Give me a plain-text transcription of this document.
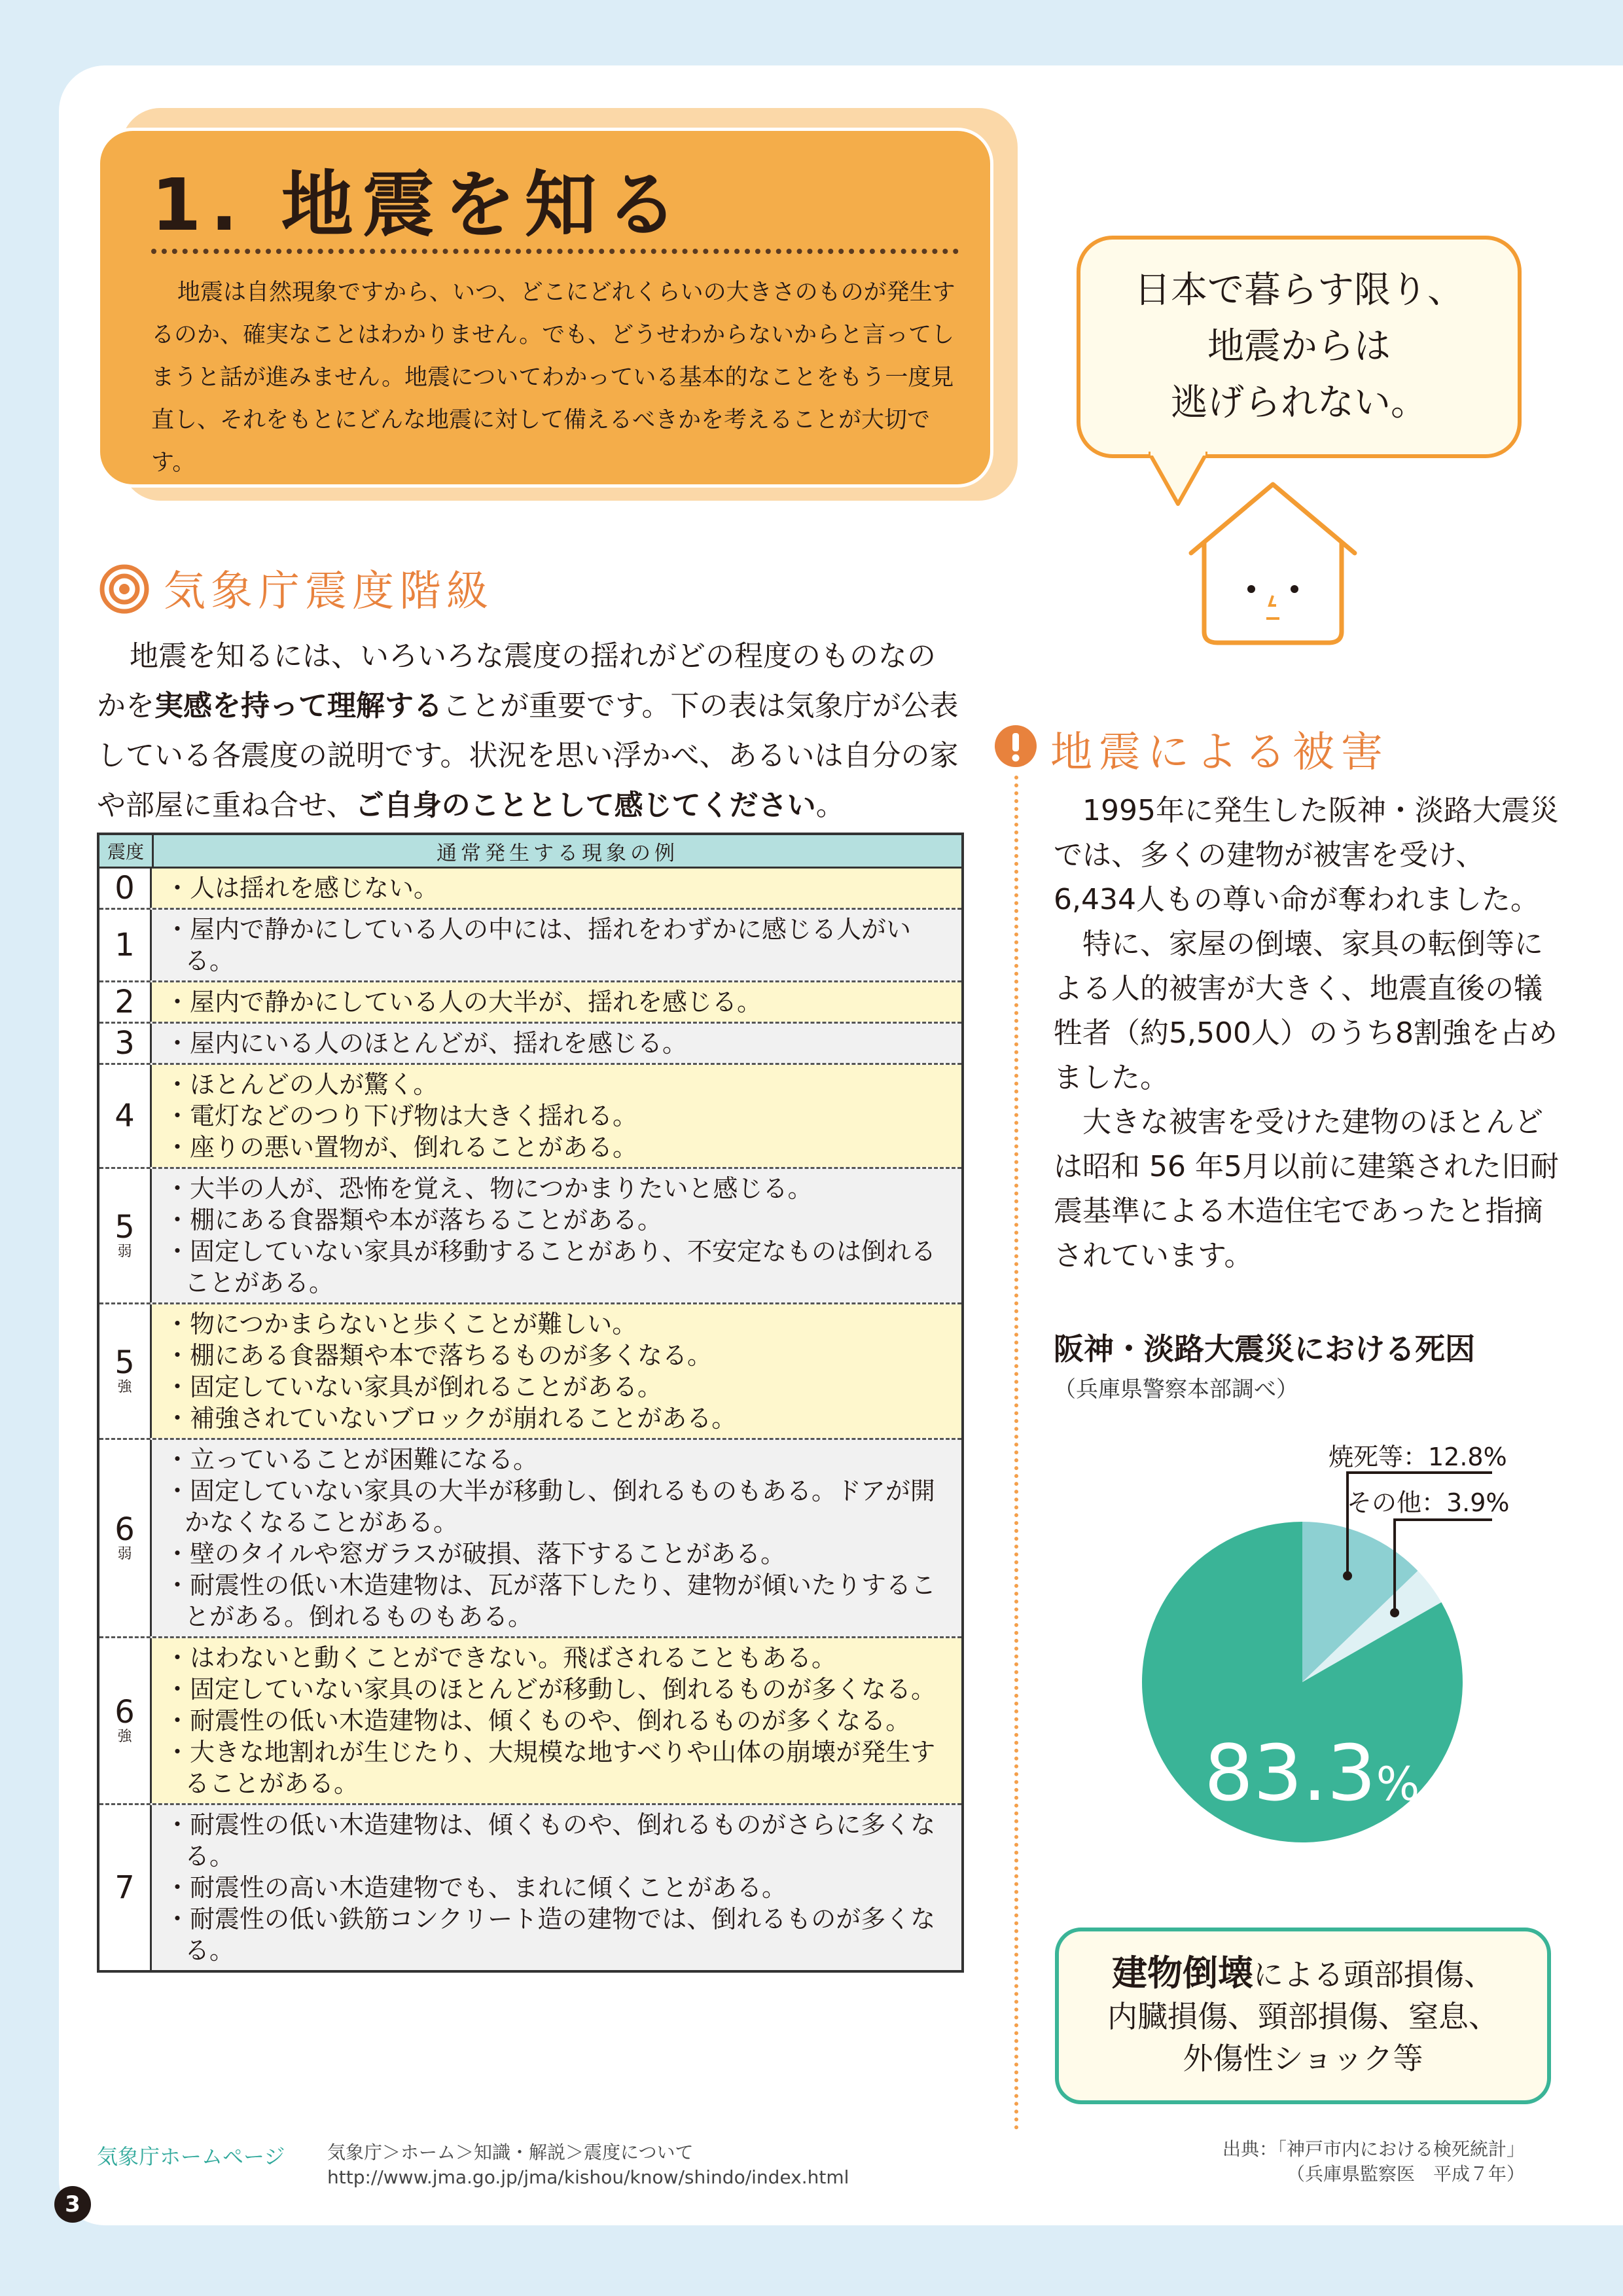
1. 地震を知る

地震は自然現象ですから、いつ、どこにどれくらいの大きさのものが発生するのか、確実なことはわかりません。でも、どうせわからないからと言ってしまうと話が進みません。地震についてわかっている基本的なことをもう一度見直し、それをもとにどんな地震に対して備えるべきかを考えることが大切です。

日本で暮らす限り、
地震からは
逃げられない。
気象庁震度階級

地震を知るには、いろいろな震度の揺れがどの程度のものなのかを実感を持って理解することが重要です。下の表は気象庁が公表している各震度の説明です。状況を思い浮かべ、あるいは自分の家や部屋に重ね合せ、ご自身のこととして感じてください。

震度	通常発生する現象の例
0 ・人は揺れを感じない。

1 ・屋内で静かにしている人の中には、揺れをわずかに感じる人がいる。

2 ・屋内で静かにしている人の大半が、揺れを感じる。

3 ・屋内にいる人のほとんどが、揺れを感じる。

4

・ほとんどの人が驚く。

・電灯などのつり下げ物は大きく揺れる。

・座りの悪い置物が、倒れることがある。

5
弱

・大半の人が、恐怖を覚え、物につかまりたいと感じる。

・棚にある食器類や本が落ちることがある。

・固定していない家具が移動することがあり、不安定なものは倒れることがある。

5
強

・物につかまらないと歩くことが難しい。

・棚にある食器類や本で落ちるものが多くなる。

・固定していない家具が倒れることがある。

・補強されていないブロックが崩れることがある。

6
弱

・立っていることが困難になる。

・固定していない家具の大半が移動し、倒れるものもある。ドアが開かなくなることがある。

・壁のタイルや窓ガラスが破損、落下することがある。

・耐震性の低い木造建物は、瓦が落下したり、建物が傾いたりすることがある。倒れるものもある。

6
強

・はわないと動くことができない。飛ばされることもある。

・固定していない家具のほとんどが移動し、倒れるものが多くなる。

・耐震性の低い木造建物は、傾くものや、倒れるものが多くなる。

・大きな地割れが生じたり、大規模な地すべりや山体の崩壊が発生することがある。

7

・耐震性の低い木造建物は、傾くものや、倒れるものがさらに多くなる。

・耐震性の高い木造建物でも、まれに傾くことがある。

・耐震性の低い鉄筋コンクリート造の建物では、倒れるものが多くなる。

気象庁ホームページ 気象庁＞ホーム＞知識・解説＞震度について
http://www.jma.go.jp/jma/kishou/know/shindo/index.html
3
地震による被害

1995年に発生した阪神・淡路大震災では、多くの建物が被害を受け、6,434人もの尊い命が奪われました。

特に、家屋の倒壊、家具の転倒等による人的被害が大きく、地震直後の犠牲者（約5,500人）のうち8割強を占めました。

大きな被害を受けた建物のほとんどは昭和 56 年5月以前に建築された旧耐震基準による木造住宅であったと指摘されています。

阪神・淡路大震災における死因
（兵庫県警察本部調べ）
焼死等：12.8%
その他：3.9%
83.3%
建物倒壊による頭部損傷、
内臓損傷、頸部損傷、窒息、
外傷性ショック等
出典：「神戸市内における検死統計」
（兵庫県監察医　平成７年）
